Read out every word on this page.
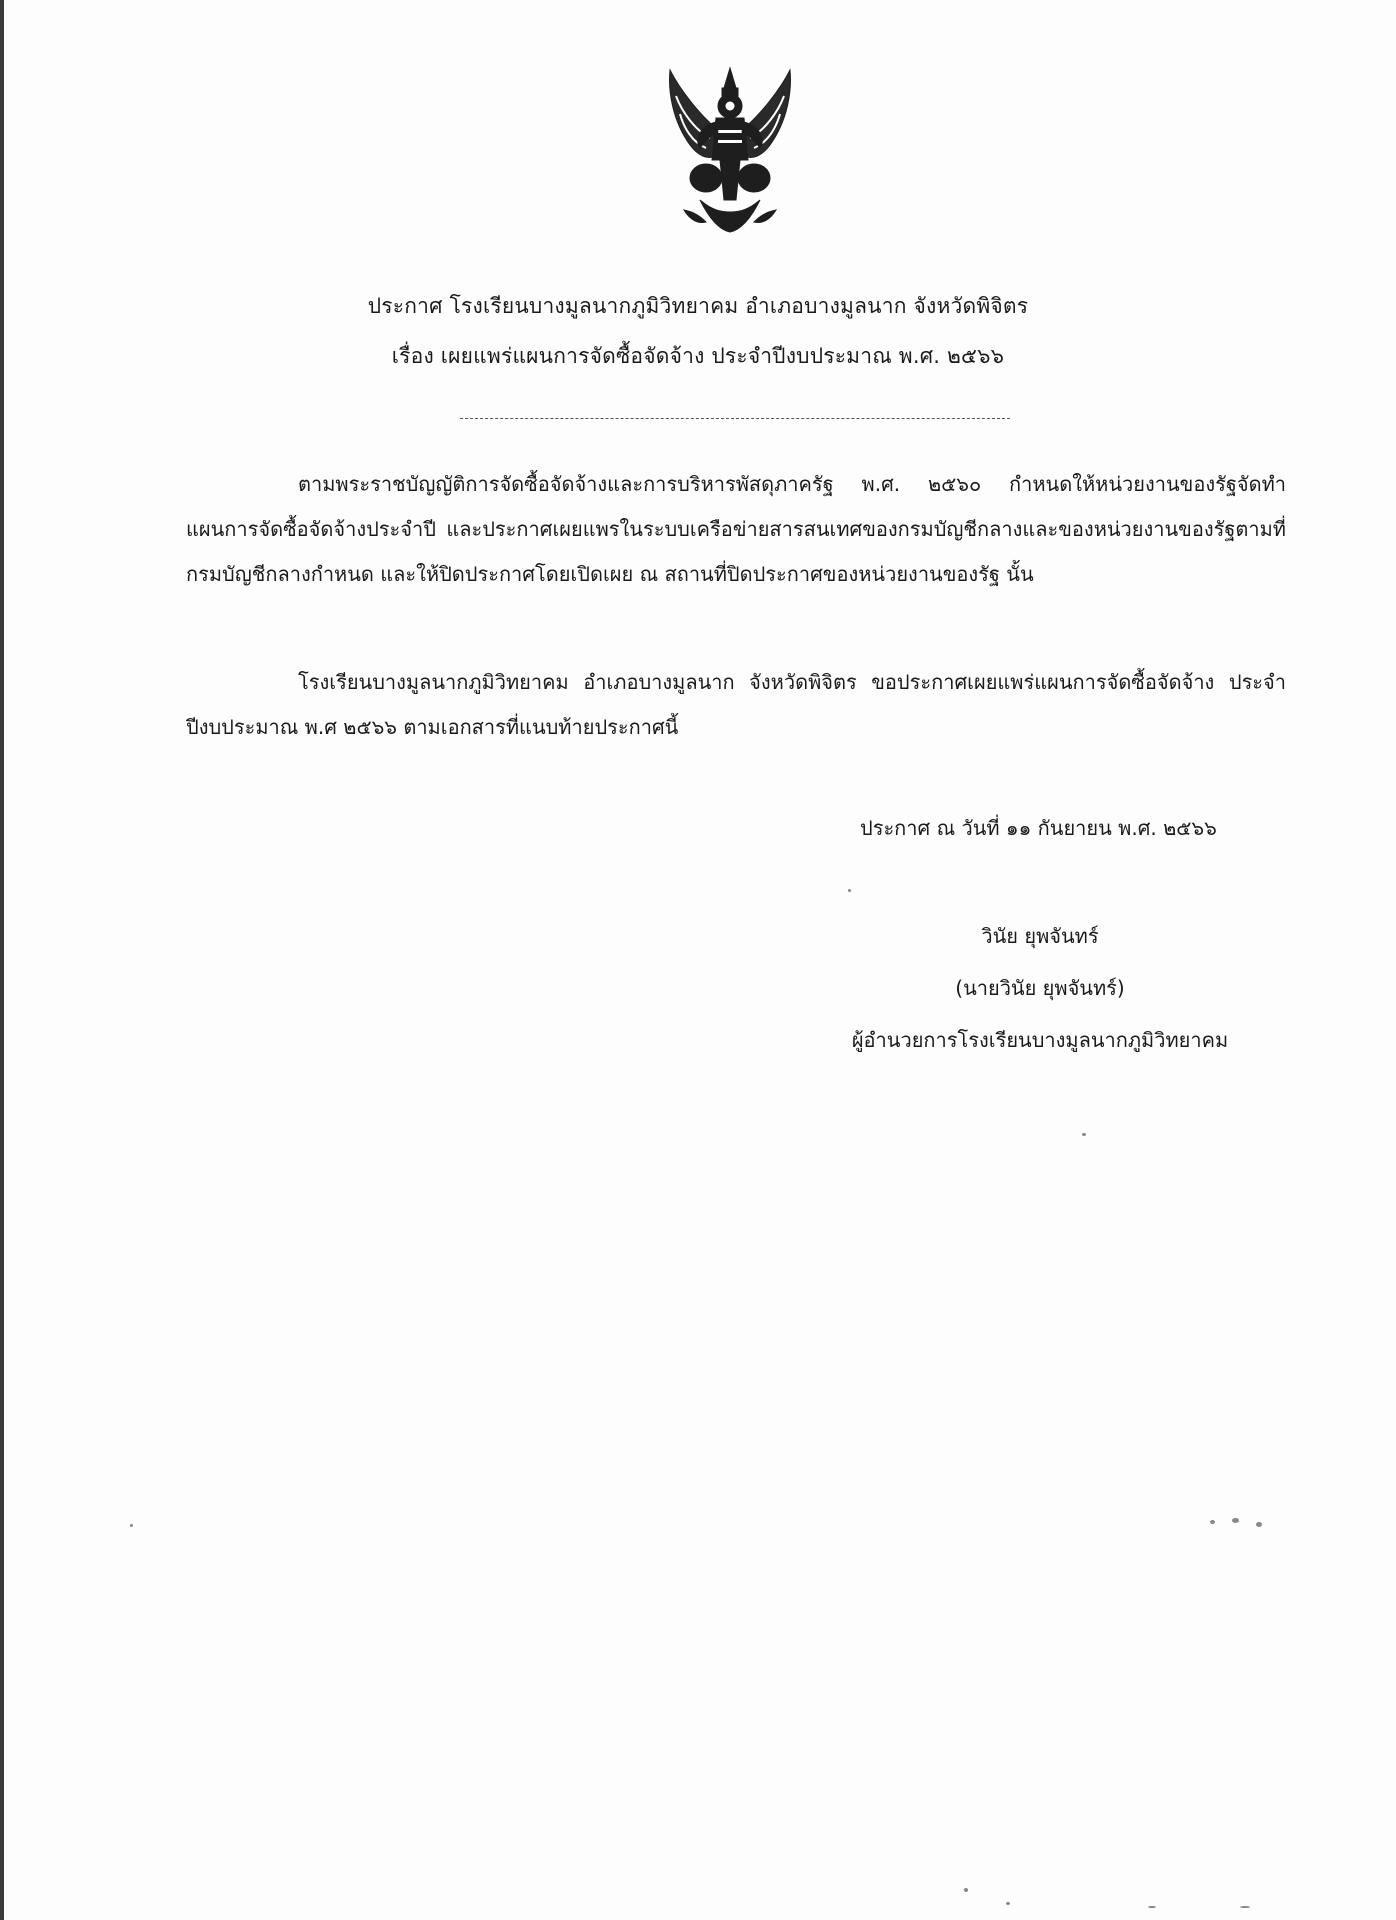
ประกาศ โรงเรียนบางมูลนากภูมิวิทยาคม อำเภอบางมูลนาก จังหวัดพิจิตร
เรื่อง เผยแพร่แผนการจัดซื้อจัดจ้าง ประจำปีงบประมาณ พ.ศ. ๒๕๖๖

ตามพระราชบัญญัติการจัดซื้อจัดจ้างและการบริหารพัสดุภาครัฐ พ.ศ. ๒๕๖๐ กำหนดให้หน่วยงานของรัฐจัดทำแผนการจัดซื้อจัดจ้างประจำปี และประกาศเผยแพรในระบบเครือข่ายสารสนเทศของกรมบัญชีกลางและของหน่วยงานของรัฐตามที่กรมบัญชีกลางกำหนด และให้ปิดประกาศโดยเปิดเผย ณ สถานที่ปิดประกาศของหน่วยงานของรัฐ นั้น

โรงเรียนบางมูลนากภูมิวิทยาคม อำเภอบางมูลนาก จังหวัดพิจิตร ขอประกาศเผยแพร่แผนการจัดซื้อจัดจ้าง ประจำปีงบประมาณ พ.ศ ๒๕๖๖ ตามเอกสารที่แนบท้ายประกาศนี้

ประกาศ ณ วันที่ ๑๑ กันยายน พ.ศ. ๒๕๖๖
วินัย ยุพจันทร์
(นายวินัย ยุพจันทร์)
ผู้อำนวยการโรงเรียนบางมูลนากภูมิวิทยาคม
